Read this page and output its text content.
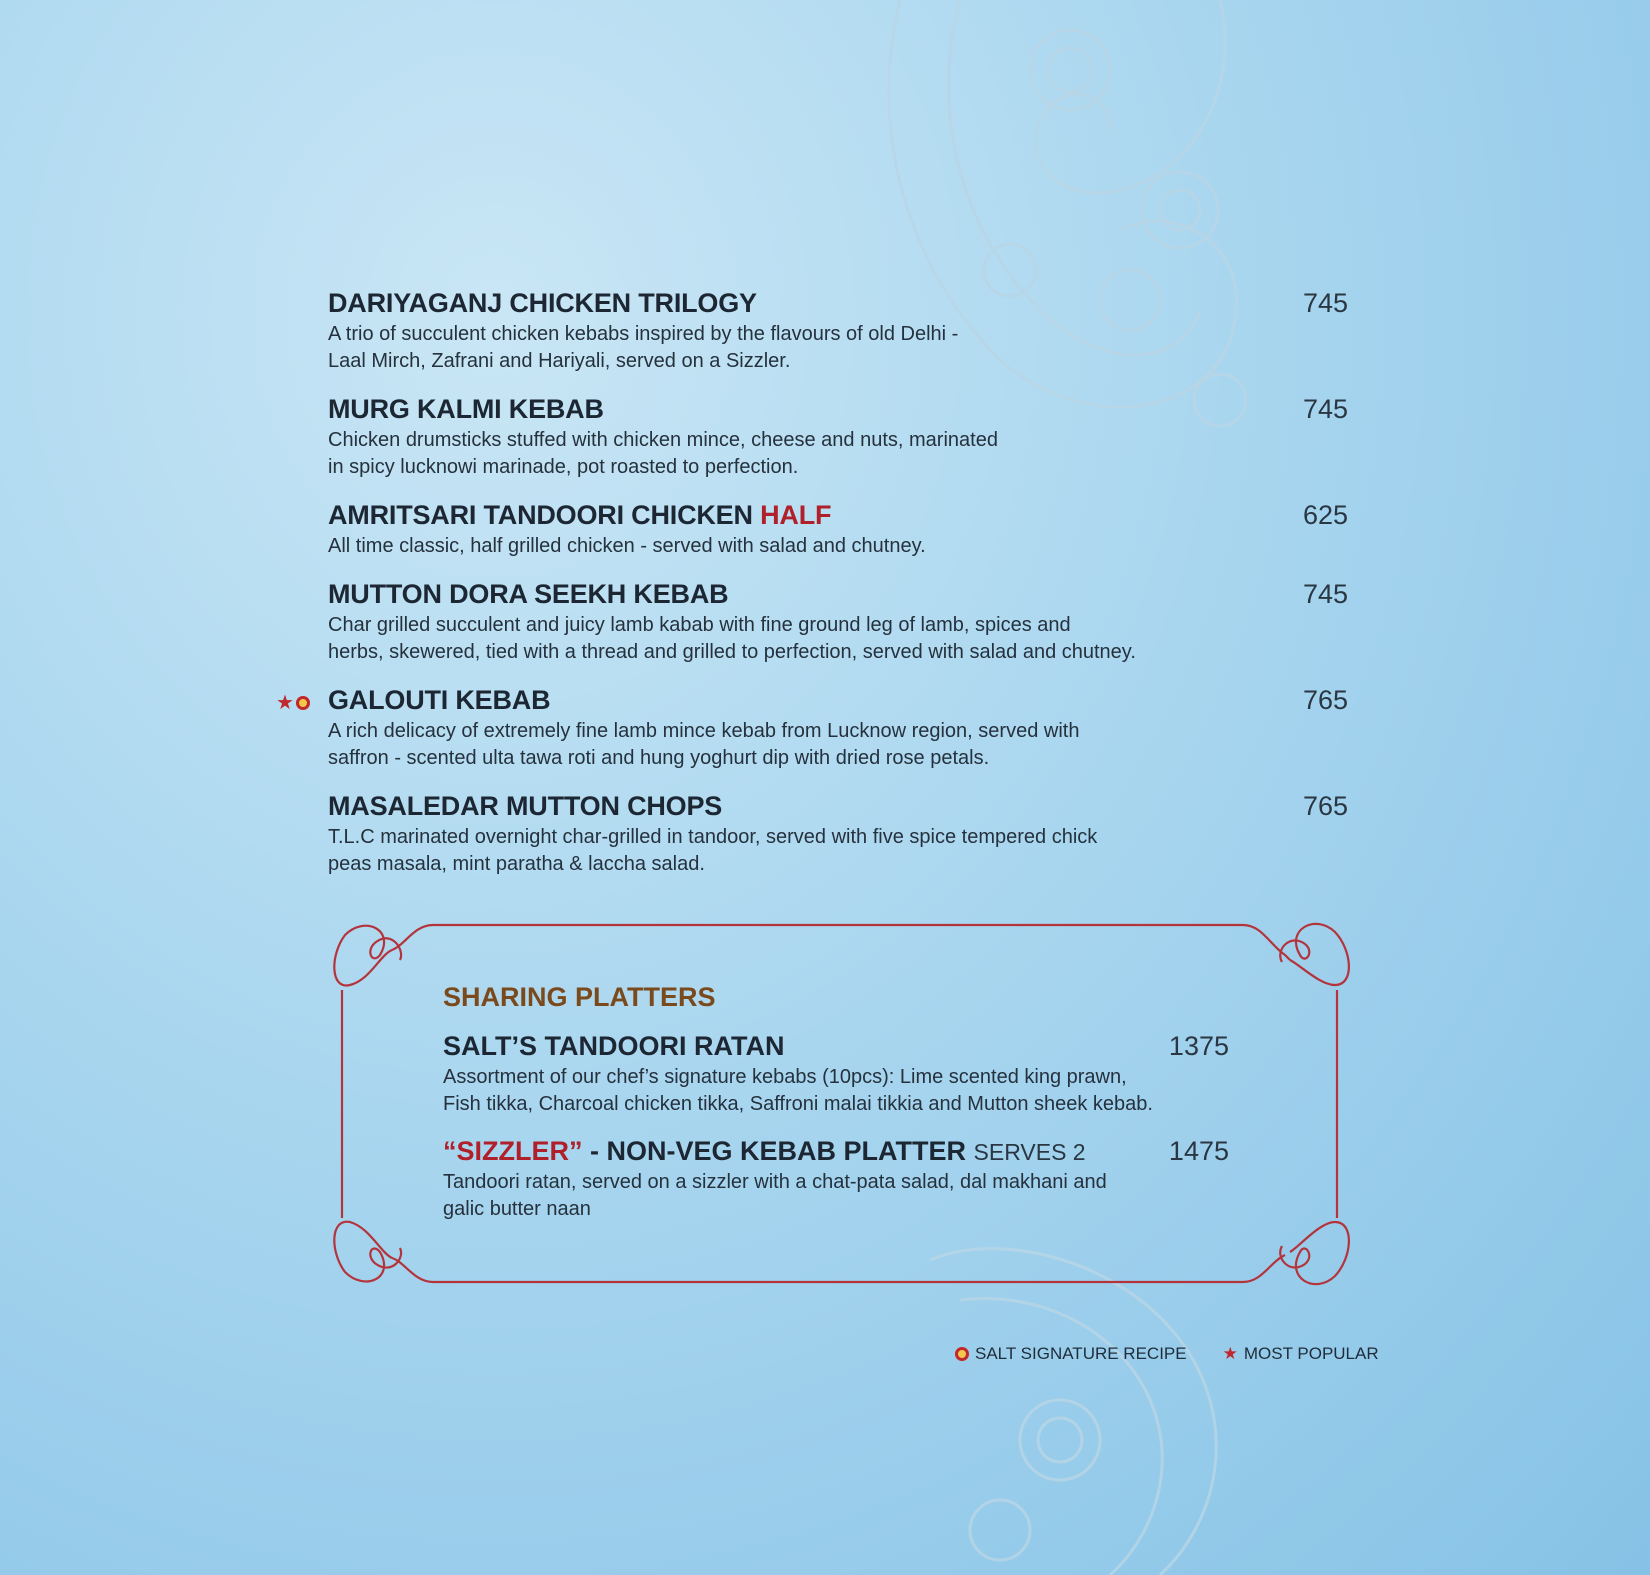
DARIYAGANJ CHICKEN TRILOGY	745
A trio of succulent chicken kebabs inspired by the flavours of old Delhi -
Laal Mirch, Zafrani and Hariyali, served on a Sizzler.
MURG KALMI KEBAB	745
Chicken drumsticks stuffed with chicken mince, cheese and nuts, marinated
in spicy lucknowi marinade, pot roasted to perfection.
AMRITSARI TANDOORI CHICKEN HALF	625
All time classic, half grilled chicken - served with salad and chutney.
MUTTON DORA SEEKH KEBAB	745
Char grilled succulent and juicy lamb kabab with fine ground leg of lamb, spices and
herbs, skewered, tied with a thread and grilled to perfection, served with salad and chutney.
★	GALOUTI KEBAB	765
A rich delicacy of extremely fine lamb mince kebab from Lucknow region, served with
saffron - scented ulta tawa roti and hung yoghurt dip with dried rose petals.
MASALEDAR MUTTON CHOPS	765
T.L.C marinated overnight char-grilled in tandoor, served with five spice tempered chick
peas masala, mint paratha & laccha salad.
SHARING PLATTERS
SALT’S TANDOORI RATAN	1375
Assortment of our chef’s signature kebabs (10pcs): Lime scented king prawn,
Fish tikka, Charcoal chicken tikka, Saffroni malai tikkia and Mutton sheek kebab.
“SIZZLER” - NON-VEG KEBAB PLATTER SERVES 2	1475
Tandoori ratan, served on a sizzler with a chat-pata salad, dal makhani and
galic butter naan
SALT SIGNATURE RECIPE ★ MOST POPULAR
